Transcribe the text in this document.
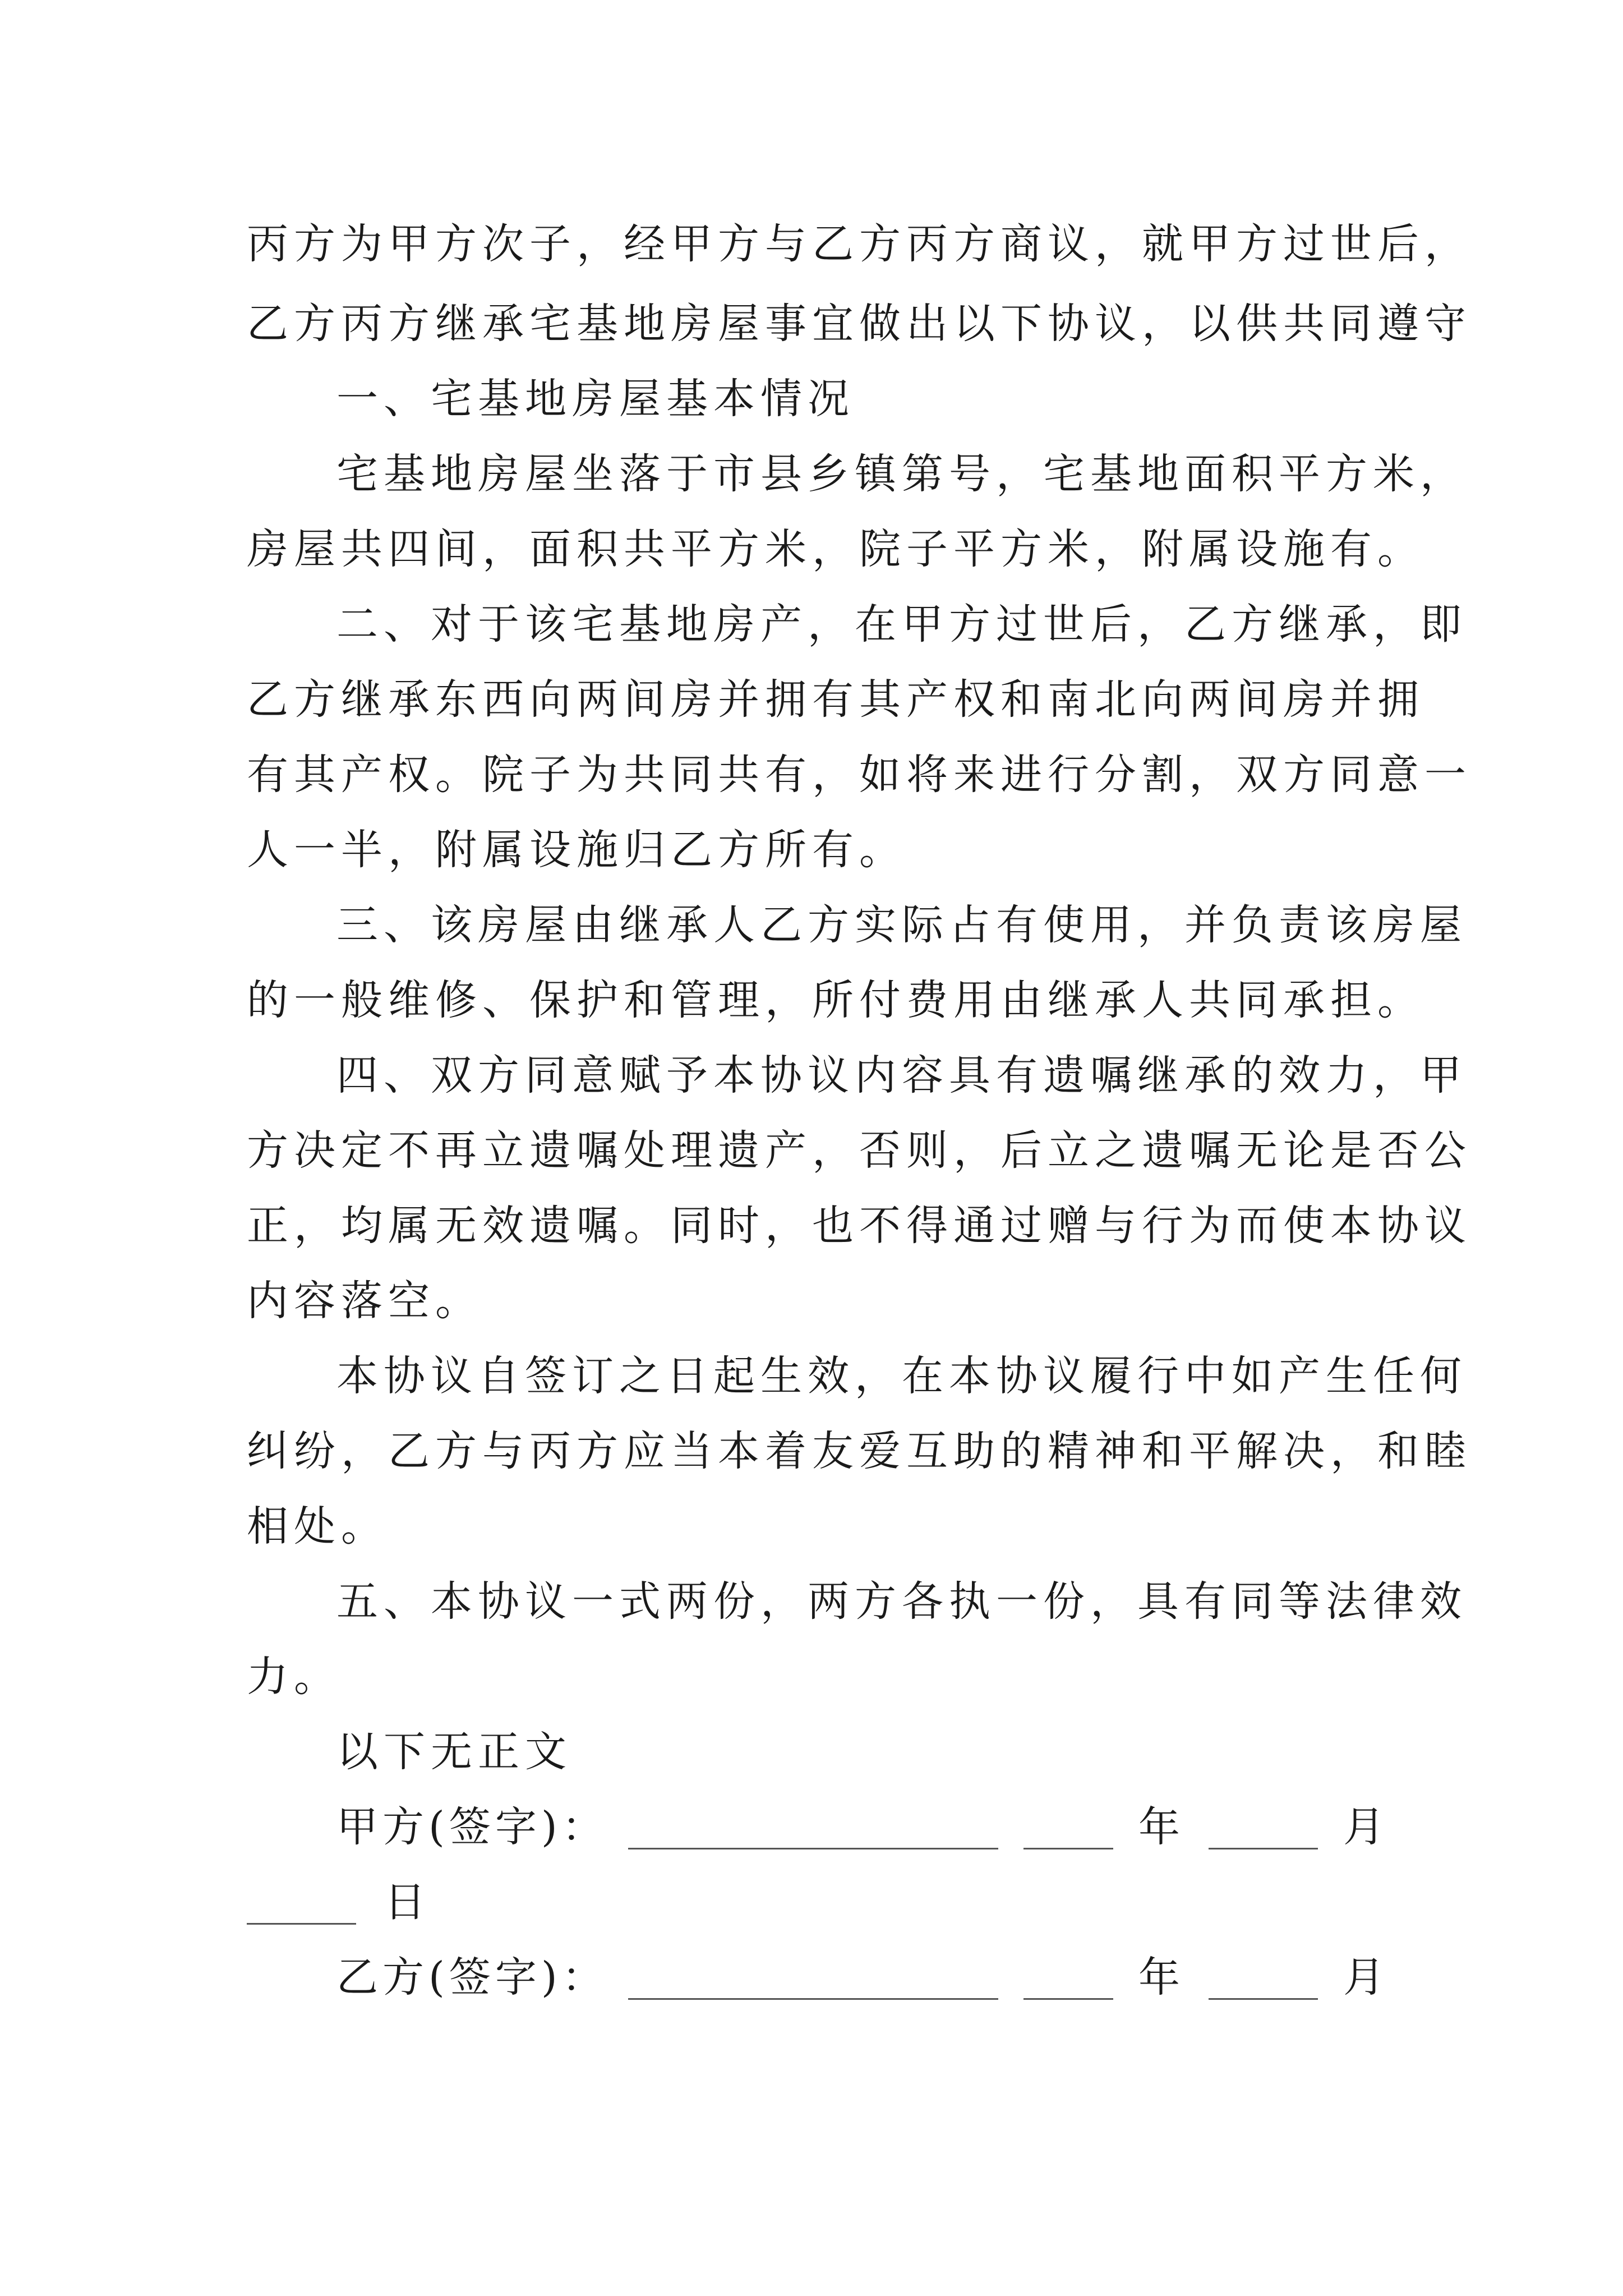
丙方为甲方次子，经甲方与乙方丙方商议，就甲方过世后，
乙方丙方继承宅基地房屋事宜做出以下协议，以供共同遵守
一、宅基地房屋基本情况
宅基地房屋坐落于市县乡镇第号，宅基地面积平方米，
房屋共四间，面积共平方米，院子平方米，附属设施有。
二、对于该宅基地房产，在甲方过世后，乙方继承，即
乙方继承东西向两间房并拥有其产权和南北向两间房并拥
有其产权。院子为共同共有，如将来进行分割，双方同意一
人一半，附属设施归乙方所有。
三、该房屋由继承人乙方实际占有使用，并负责该房屋
的一般维修、保护和管理，所付费用由继承人共同承担。
四、双方同意赋予本协议内容具有遗嘱继承的效力，甲
方决定不再立遗嘱处理遗产，否则，后立之遗嘱无论是否公
正，均属无效遗嘱。同时，也不得通过赠与行为而使本协议
内容落空。
本协议自签订之日起生效，在本协议履行中如产生任何
纠纷，乙方与丙方应当本着友爱互助的精神和平解决，和睦
相处。
五、本协议一式两份，两方各执一份，具有同等法律效
力。
以下无正文
甲方(签字)：	年	月
日
乙方(签字)：	年	月
